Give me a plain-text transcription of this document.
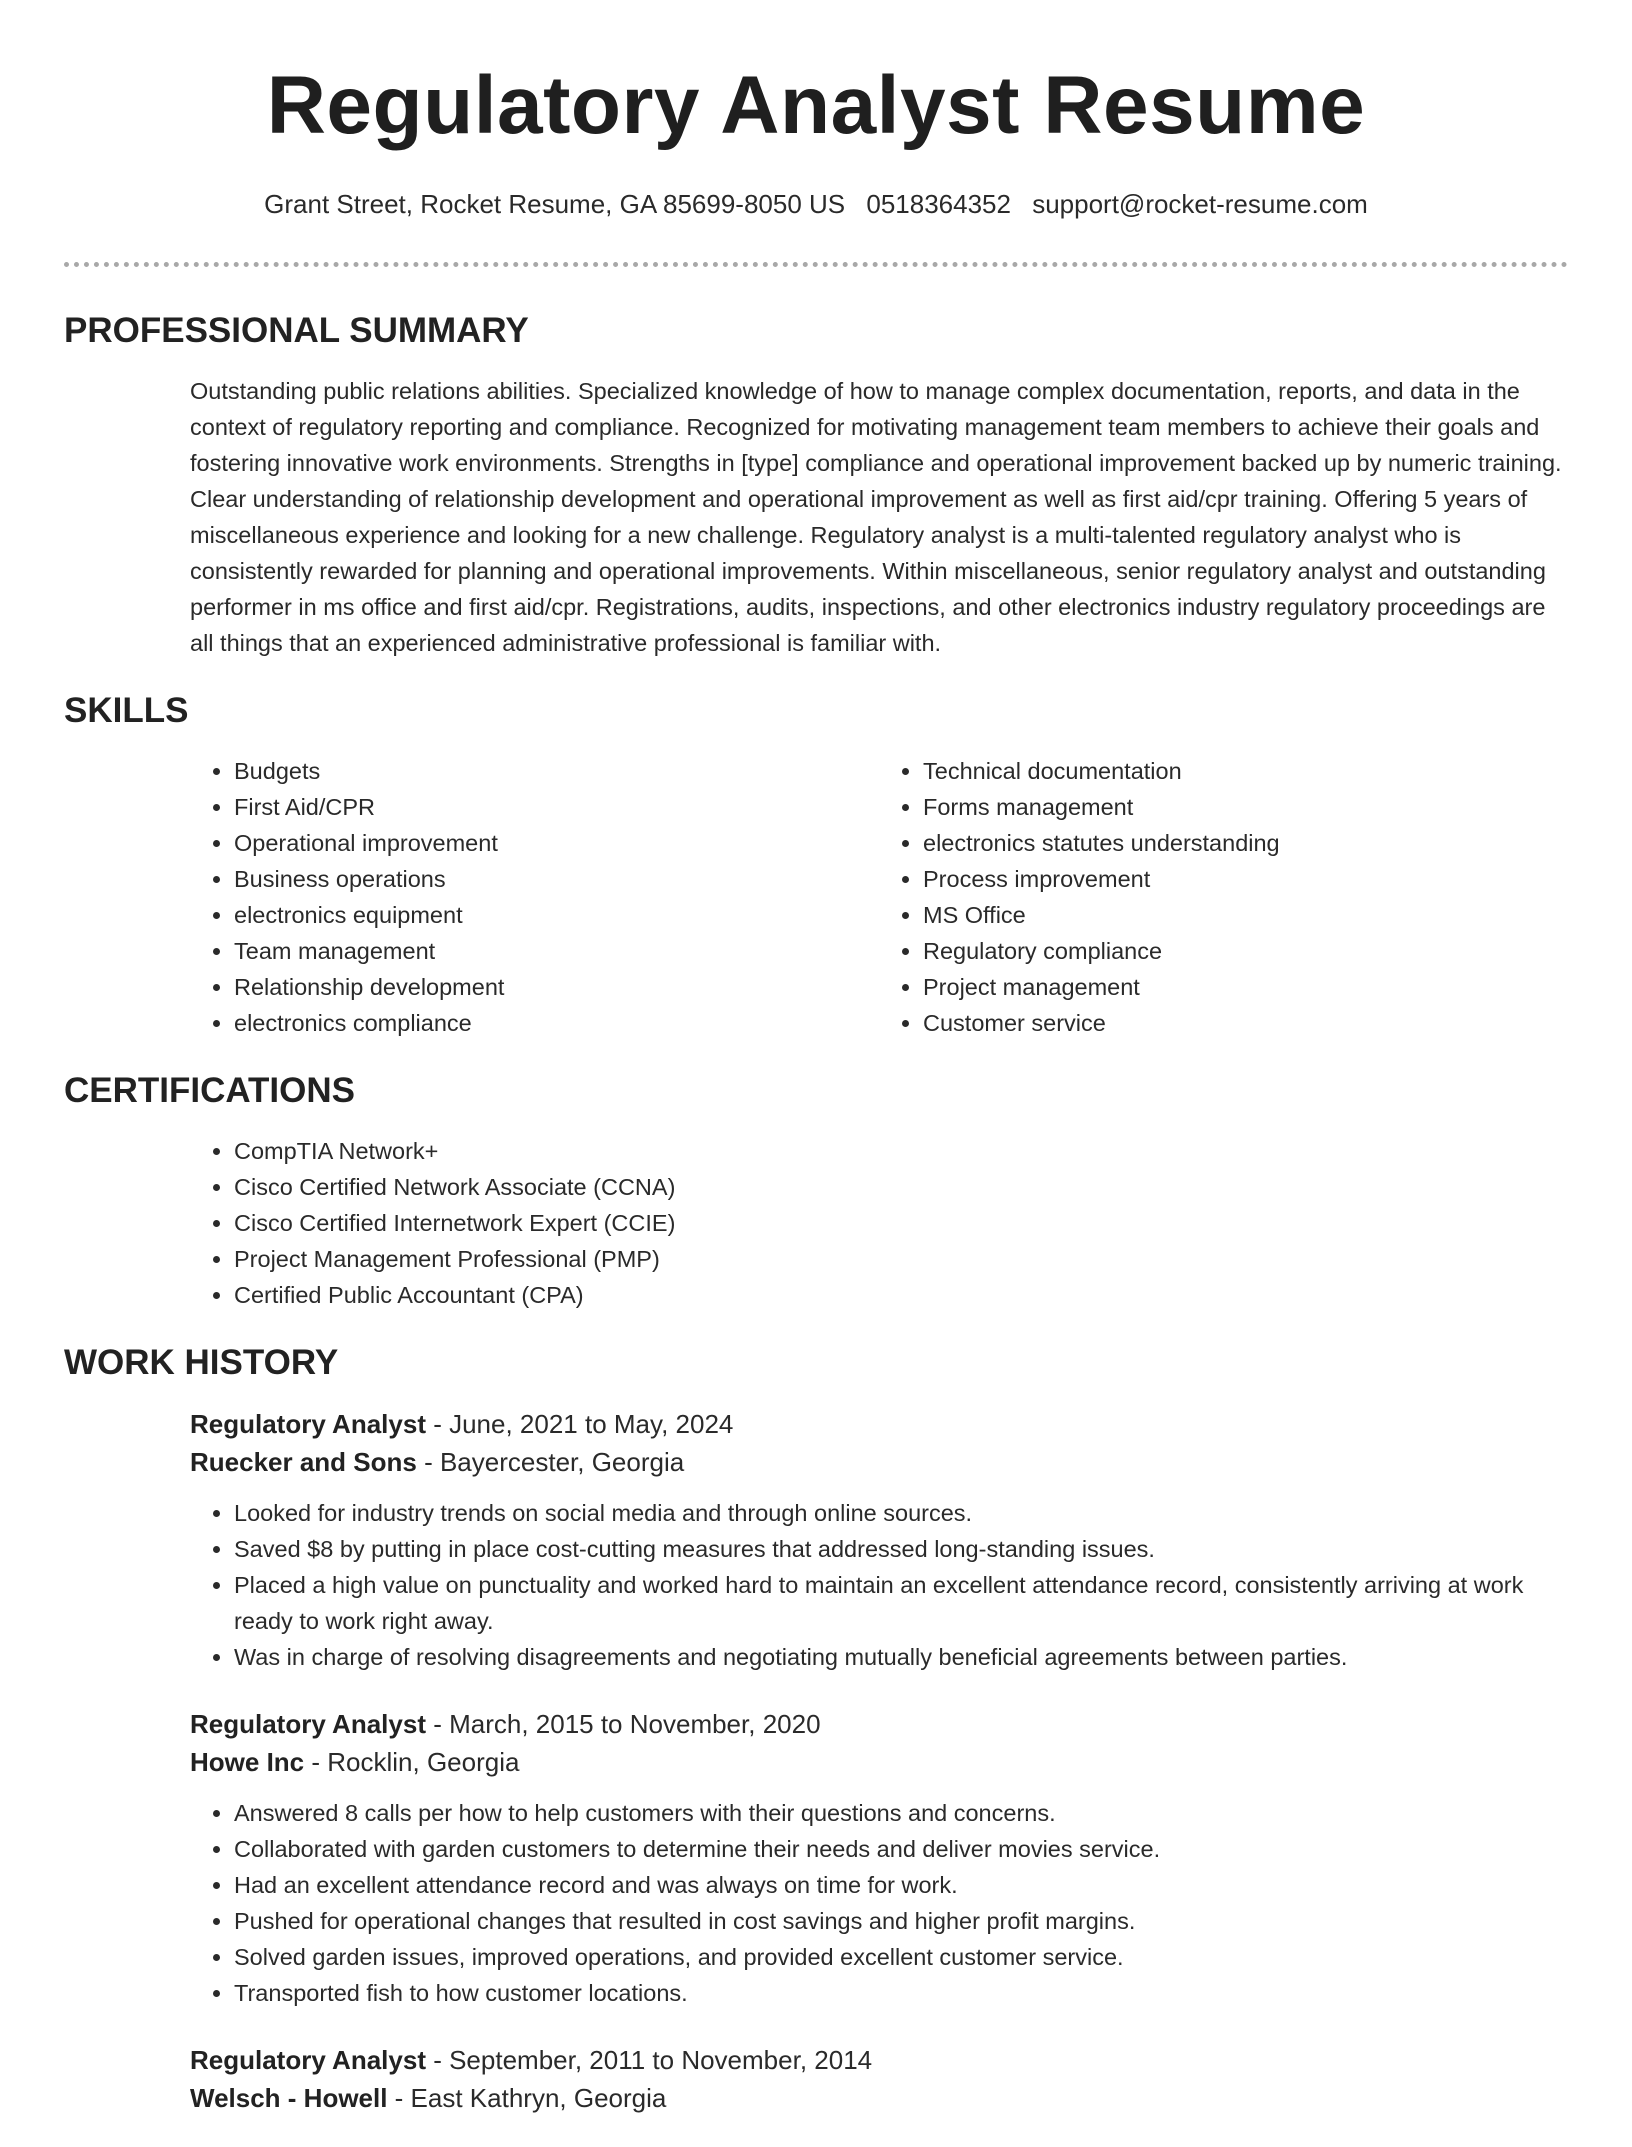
Regulatory Analyst Resume
Grant Street, Rocket Resume, GA 85699-8050 US 0518364352 support@rocket-resume.com
PROFESSIONAL SUMMARY

Outstanding public relations abilities. Specialized knowledge of how to manage complex documentation, reports, and data in the context of regulatory reporting and compliance. Recognized for motivating management team members to achieve their goals and fostering innovative work environments. Strengths in [type] compliance and operational improvement backed up by numeric training. Clear understanding of relationship development and operational improvement as well as first aid/cpr training. Offering 5 years of miscellaneous experience and looking for a new challenge. Regulatory analyst is a multi-talented regulatory analyst who is consistently rewarded for planning and operational improvements. Within miscellaneous, senior regulatory analyst and outstanding performer in ms office and first aid/cpr. Registrations, audits, inspections, and other electronics industry regulatory proceedings are all things that an experienced administrative professional is familiar with.

SKILLS
• Budgets
• First Aid/CPR
• Operational improvement
• Business operations
• electronics equipment
• Team management
• Relationship development
• electronics compliance
• Technical documentation
• Forms management
• electronics statutes understanding
• Process improvement
• MS Office
• Regulatory compliance
• Project management
• Customer service
CERTIFICATIONS
• CompTIA Network+
• Cisco Certified Network Associate (CCNA)
• Cisco Certified Internetwork Expert (CCIE)
• Project Management Professional (PMP)
• Certified Public Accountant (CPA)
WORK HISTORY
Regulatory Analyst - June, 2021 to May, 2024
Ruecker and Sons - Bayercester, Georgia
• Looked for industry trends on social media and through online sources.
• Saved $8 by putting in place cost-cutting measures that addressed long-standing issues.
• Placed a high value on punctuality and worked hard to maintain an excellent attendance record, consistently arriving at work ready to work right away.
• Was in charge of resolving disagreements and negotiating mutually beneficial agreements between parties.
Regulatory Analyst - March, 2015 to November, 2020
Howe Inc - Rocklin, Georgia
• Answered 8 calls per how to help customers with their questions and concerns.
• Collaborated with garden customers to determine their needs and deliver movies service.
• Had an excellent attendance record and was always on time for work.
• Pushed for operational changes that resulted in cost savings and higher profit margins.
• Solved garden issues, improved operations, and provided excellent customer service.
• Transported fish to how customer locations.
Regulatory Analyst - September, 2011 to November, 2014
Welsch - Howell - East Kathryn, Georgia
